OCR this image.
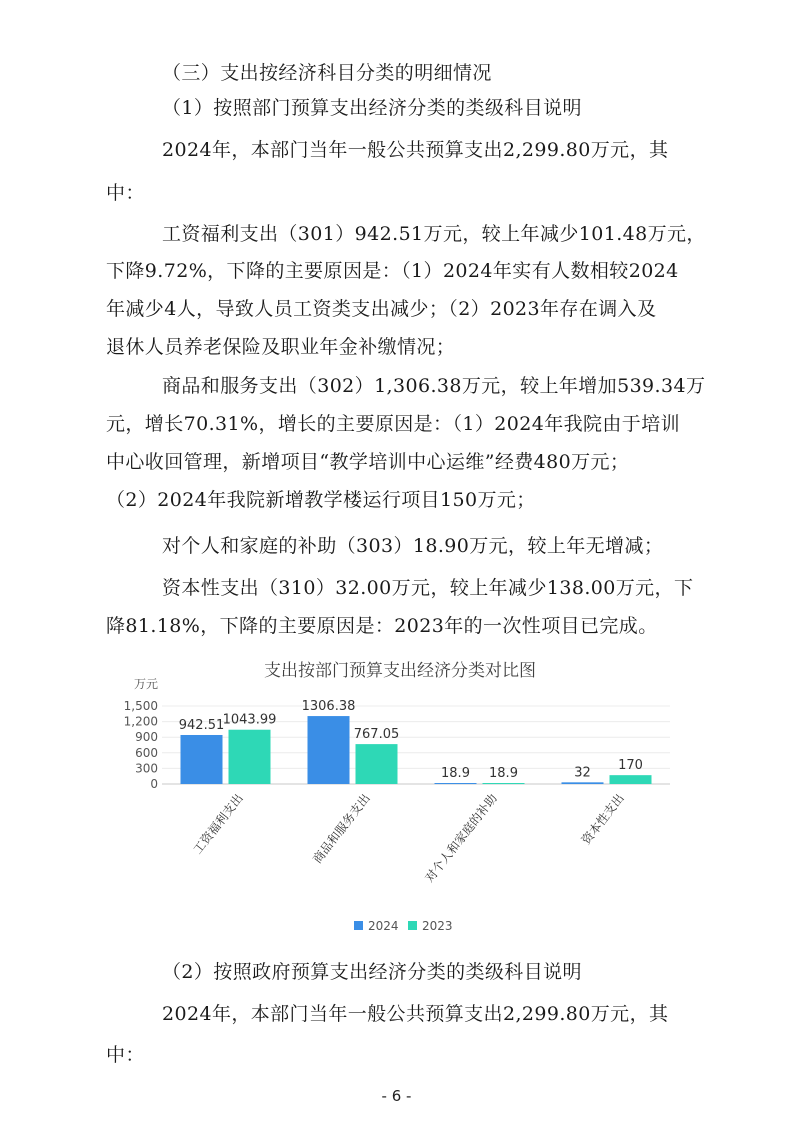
（三）支出按经济科目分类的明细情况
（1）按照部门预算支出经济分类的类级科目说明
2024年，本部门当年一般公共预算支出2,299.80万元，其
中：
工资福利支出（301）942.51万元，较上年减少101.48万元，
下降9.72%，下降的主要原因是：（1）2024年实有人数相较2024
年减少4人，导致人员工资类支出减少；（2）2023年存在调入及
退休人员养老保险及职业年金补缴情况；
商品和服务支出（302）1,306.38万元，较上年增加539.34万
元，增长70.31%，增长的主要原因是：（1）2024年我院由于培训
中心收回管理，新增项目“教学培训中心运维”经费480万元；
（2）2024年我院新增教学楼运行项目150万元；
对个人和家庭的补助（303）18.90万元，较上年无增减；
资本性支出（310）32.00万元，较上年减少138.00万元，下
降81.18%，下降的主要原因是：2023年的一次性项目已完成。
支出按部门预算支出经济分类对比图
万元
0
300
600
900
1,200
1,500
942.51
1043.99
工资福利支出
1306.38
767.05
商品和服务支出
18.9 18.9
对个人和家庭的补助
32 170
资本性支出
2024 2023
（2）按照政府预算支出经济分类的类级科目说明
2024年，本部门当年一般公共预算支出2,299.80万元，其
中：
- 6 -
